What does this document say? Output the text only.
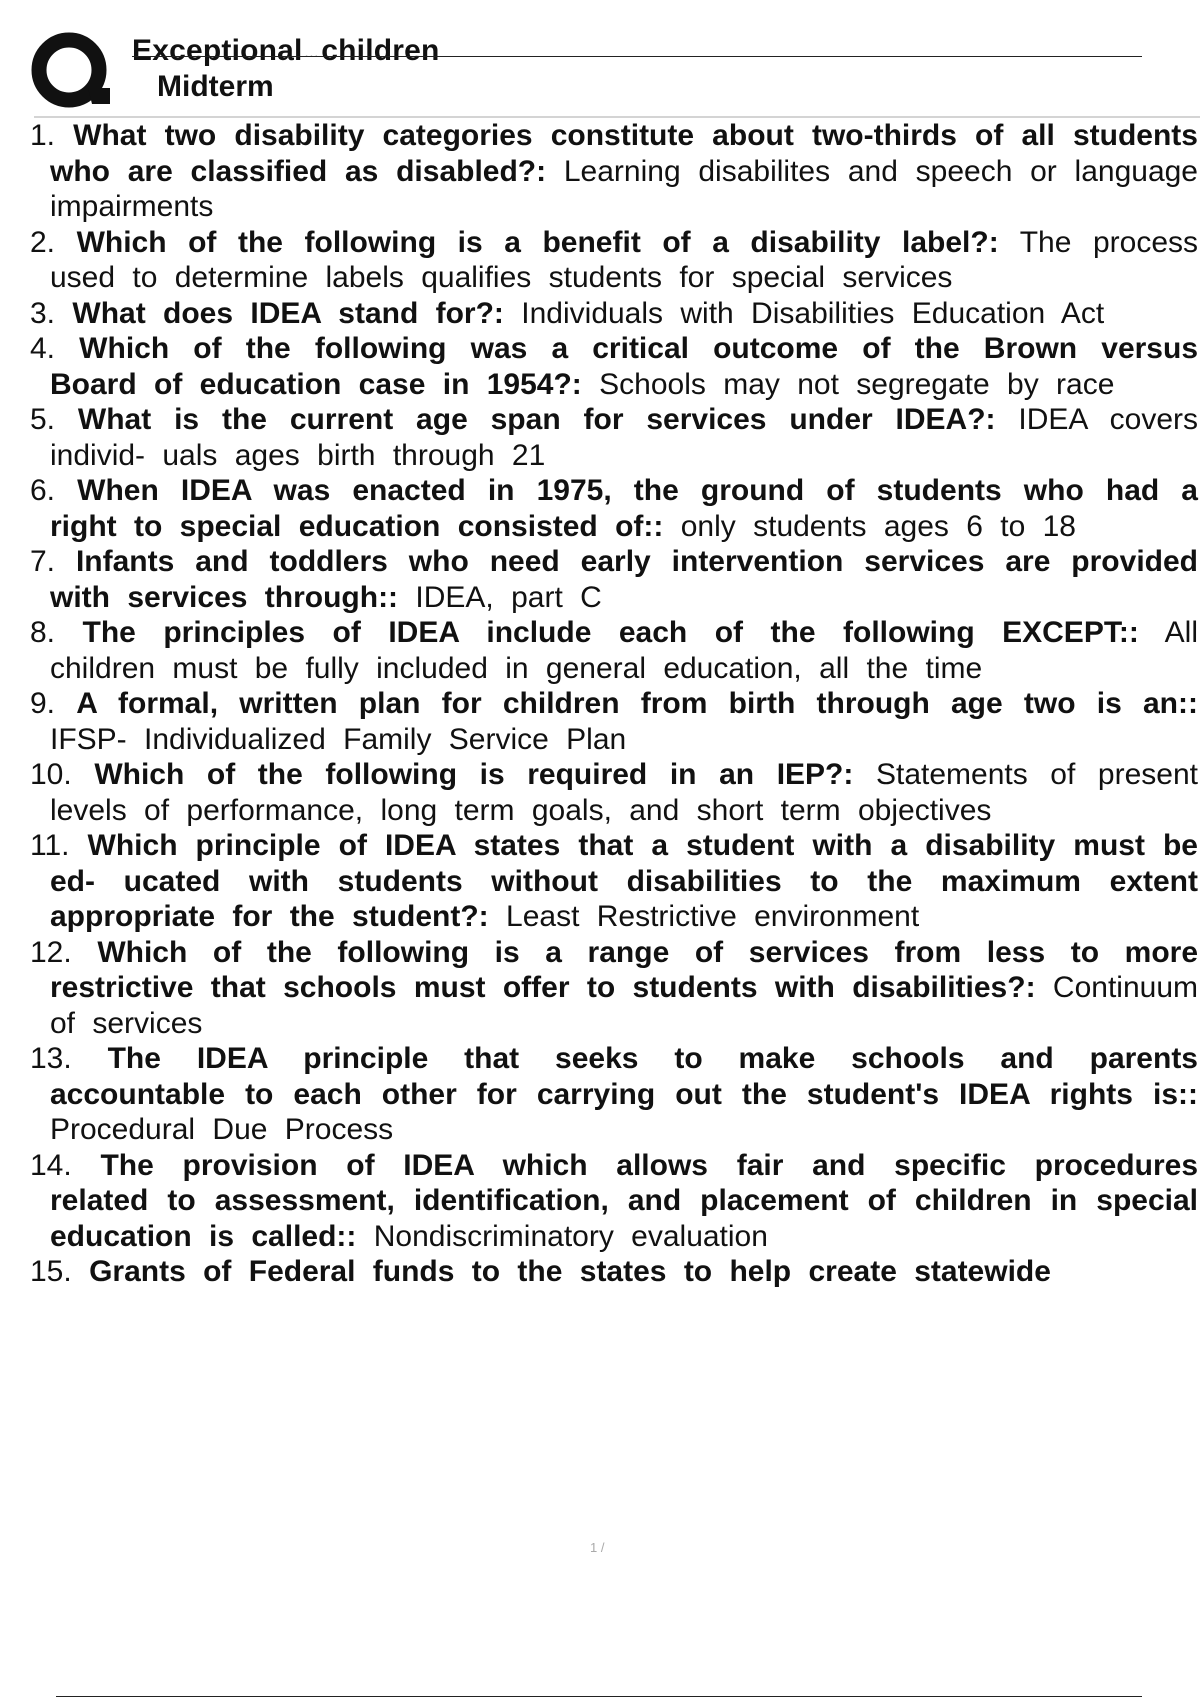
Exceptional ...children
Midterm
1. What two disability categories constitute about two-thirds of all students who are classified as disabled?: Learning disabilites and speech or language impairments
2. Which of the following is a benefit of a disability label?: The process used to determine labels qualifies students for special services
3. What does IDEA stand for?: Individuals with Disabilities Education Act
4. Which of the following was a critical outcome of the Brown versus Board of education case in 1954?: Schools may not segregate by race
5. What is the current age span for services under IDEA?: IDEA covers individ- uals ages birth through 21
6. When IDEA was enacted in 1975, the ground of students who had a right to special education consisted of:: only students ages 6 to 18
7. Infants and toddlers who need early intervention services are provided with services through:: IDEA, part C
8. The principles of IDEA include each of the following EXCEPT:: All children must be fully included in general education, all the time
9. A formal, written plan for children from birth through age two is an:: IFSP- Individualized Family Service Plan
10. Which of the following is required in an IEP?: Statements of present levels of performance, long term goals, and short term objectives
11. Which principle of IDEA states that a student with a disability must be ed- ucated with students without disabilities to the maximum extent appropriate for the student?: Least Restrictive environment
12. Which of the following is a range of services from less to more restrictive that schools must offer to students with disabilities?: Continuum of services
13. The IDEA principle that seeks to make schools and parents accountable to each other for carrying out the student's IDEA rights is:: Procedural Due Process
14. The provision of IDEA which allows fair and specific procedures related to assessment, identification, and placement of children in special education is called:: Nondiscriminatory evaluation
15. Grants of Federal funds to the states to help create statewide
1 /
